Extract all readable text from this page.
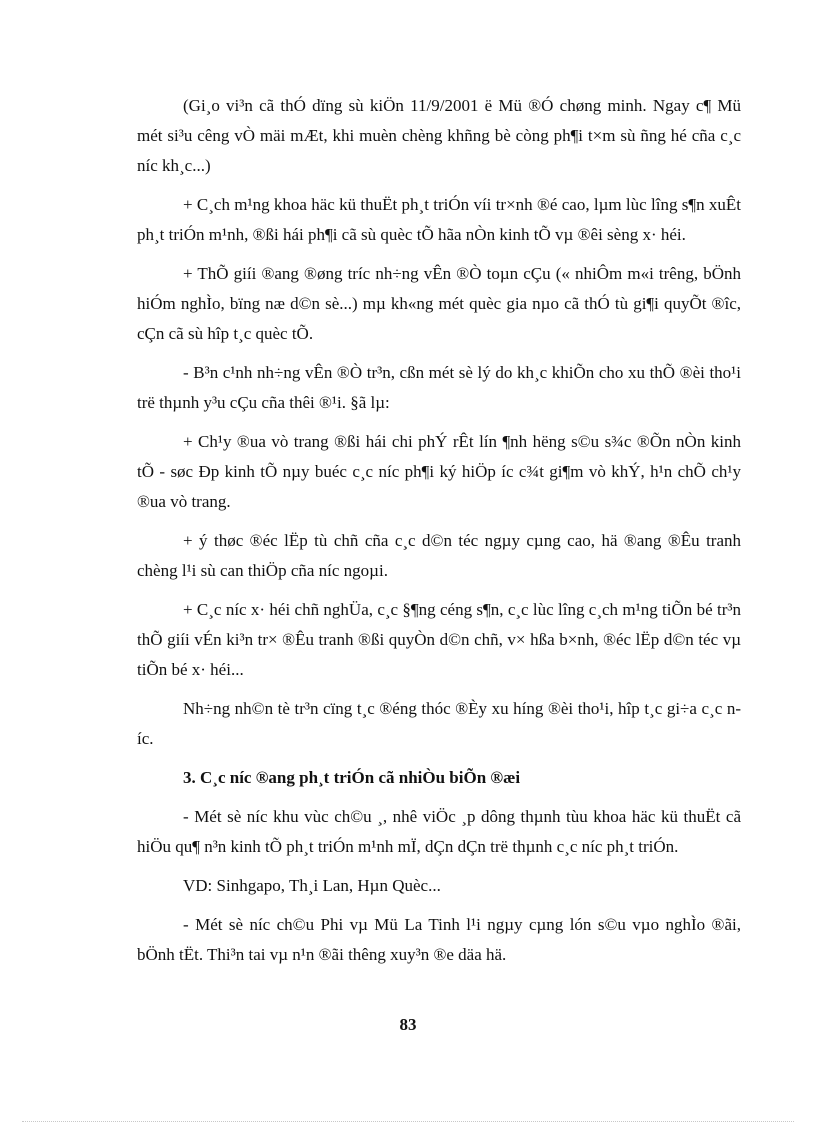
(Gi¸o vi³n cã thÓ dïng sù kiÖn 11/9/2001 ë Mü ®Ó chøng minh. Ngay c¶ Mü mét si³u cêng vÒ mäi mÆt, khi muèn chèng khñng bè còng ph¶i t×m sù ñng hé cña c¸c níc kh¸c...)

+ C¸ch m¹ng khoa häc kü thuËt ph¸t triÓn víi tr×nh ®é cao, lµm lùc lîng s¶n xuÊt ph¸t triÓn m¹nh, ®ßi hái ph¶i cã sù quèc tÕ hãa nÒn kinh tÕ vµ ®êi sèng x· héi.

+ ThÕ giíi ®ang ®øng tríc nh÷ng vÊn ®Ò toµn cÇu (« nhiÔm m«i trêng, bÖnh hiÓm nghÌo, bïng næ d©n sè...) mµ kh«ng mét quèc gia nµo cã thÓ tù gi¶i quyÕt ®îc, cÇn cã sù hîp t¸c quèc tÕ.

- B³n c¹nh nh÷ng vÊn ®Ò tr³n, cßn mét sè lý do kh¸c khiÕn cho xu thÕ ®èi tho¹i trë thµnh y³u cÇu cña thêi ®¹i. §ã lµ:

+ Ch¹y ®ua vò trang ®ßi hái chi phÝ rÊt lín ¶nh hëng s©u s¾c ®Õn nÒn kinh tÕ - søc Ðp kinh tÕ nµy buéc c¸c níc ph¶i ký hiÖp íc c¾t gi¶m vò khÝ, h¹n chÕ ch¹y ®ua vò trang.

+ ý thøc ®éc lËp tù chñ cña c¸c d©n téc ngµy cµng cao, hä ®ang ®Êu tranh chèng l¹i sù can thiÖp cña níc ngoµi.

+ C¸c níc x· héi chñ nghÜa, c¸c §¶ng céng s¶n, c¸c lùc lîng c¸ch m¹ng tiÕn bé tr³n thÕ giíi vÉn ki³n tr× ®Êu tranh ®ßi quyÒn d©n chñ, v× hßa b×nh, ®éc lËp d©n téc vµ tiÕn bé x· héi...

Nh÷ng nh©n tè tr³n cïng t¸c ®éng thóc ®Èy xu híng ®èi tho¹i, hîp t¸c gi÷a c¸c níc.

3. C¸c níc ®ang ph¸t triÓn cã nhiÒu biÕn ®æi

- Mét sè níc khu vùc ch©u ¸, nhê viÖc ¸p dông thµnh tùu khoa häc kü thuËt cã hiÖu qu¶ n³n kinh tÕ ph¸t triÓn m¹nh mÏ, dÇn dÇn trë thµnh c¸c níc ph¸t triÓn.

VD: Sinhgapo, Th¸i Lan, Hµn Quèc...

- Mét sè níc ch©u Phi vµ Mü La Tinh l¹i ngµy cµng lón s©u vµo nghÌo ®ãi, bÖnh tËt. Thi³n tai vµ n¹n ®ãi thêng xuy³n ®e däa hä.

83
